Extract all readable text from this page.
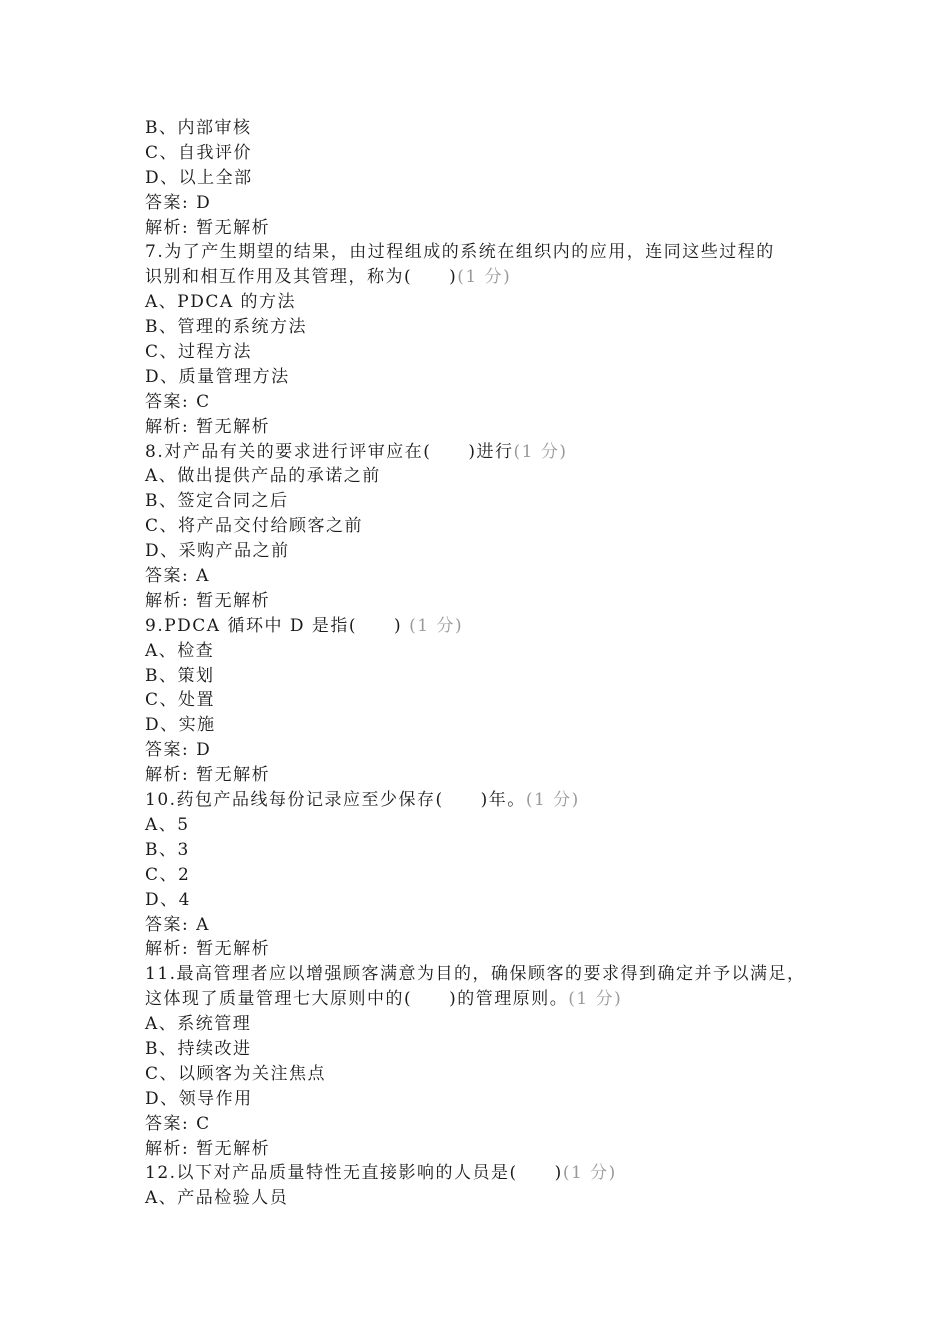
B、内部审核
C、自我评价
D、以上全部
答案: D
解析: 暂无解析
7.为了产生期望的结果，由过程组成的系统在组织内的应用，连同这些过程的
识别和相互作用及其管理，称为(　　)(1 分)
A、PDCA 的方法
B、管理的系统方法
C、过程方法
D、质量管理方法
答案: C
解析: 暂无解析
8.对产品有关的要求进行评审应在(　　)进行(1 分)
A、做出提供产品的承诺之前
B、签定合同之后
C、将产品交付给顾客之前
D、采购产品之前
答案: A
解析: 暂无解析
9.PDCA 循环中 D 是指(　　) (1 分)
A、检查
B、策划
C、处置
D、实施
答案: D
解析: 暂无解析
10.药包产品线每份记录应至少保存(　　)年。(1 分)
A、5
B、3
C、2
D、4
答案: A
解析: 暂无解析
11.最高管理者应以增强顾客满意为目的，确保顾客的要求得到确定并予以满足，
这体现了质量管理七大原则中的(　　)的管理原则。(1 分)
A、系统管理
B、持续改进
C、以顾客为关注焦点
D、领导作用
答案: C
解析: 暂无解析
12.以下对产品质量特性无直接影响的人员是(　　)(1 分)
A、产品检验人员
